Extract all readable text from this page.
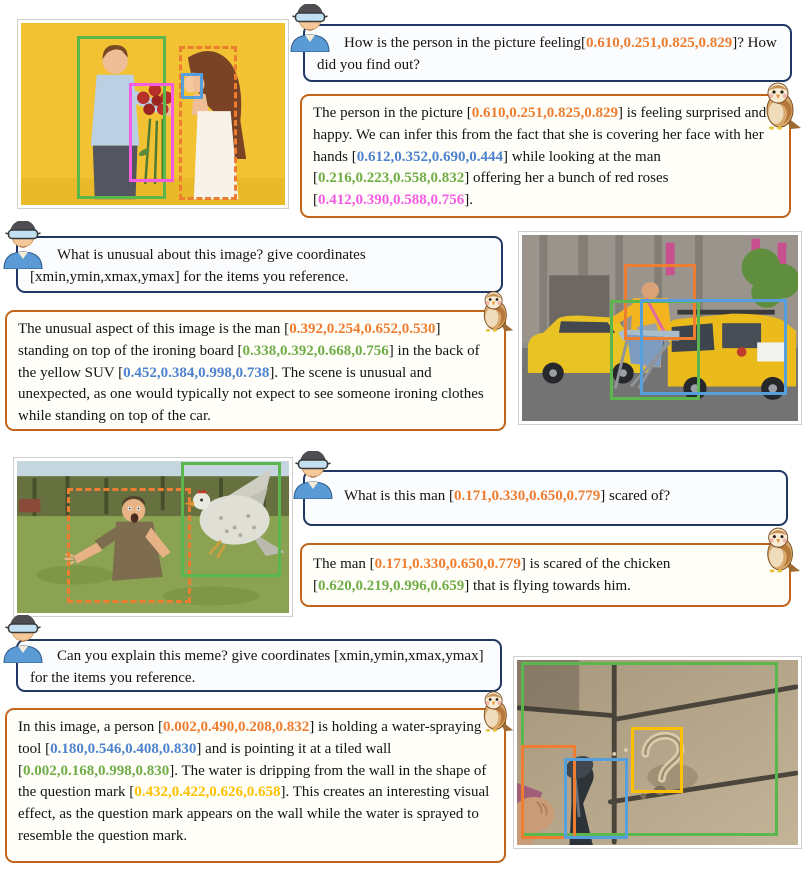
How is the person in the picture feeling[0.610,0.251,0.825,0.829]? How did you find out?
The person in the picture [0.610,0.251,0.825,0.829] is feeling surprised and happy. We can infer this from the fact that she is covering her face with her hands [0.612,0.352,0.690,0.444] while looking at the man [0.216,0.223,0.558,0.832] offering her a bunch of red roses [0.412,0.390,0.588,0.756].
What is unusual about this image? give coordinates [xmin,ymin,xmax,ymax] for the items you reference.
The unusual aspect of this image is the man [0.392,0.254,0.652,0.530] standing on top of the ironing board [0.338,0.392,0.668,0.756] in the back of the yellow SUV [0.452,0.384,0.998,0.738]. The scene is unusual and unexpected, as one would typically not expect to see someone ironing clothes while standing on top of the car.
What is this man [0.171,0.330,0.650,0.779] scared of?
The man [0.171,0.330,0.650,0.779] is scared of the chicken [0.620,0.219,0.996,0.659] that is flying towards him.
Can you explain this meme? give coordinates [xmin,ymin,xmax,ymax] for the items you reference.
In this image, a person [0.002,0.490,0.208,0.832] is holding a water-spraying tool [0.180,0.546,0.408,0.830] and is pointing it at a tiled wall [0.002,0.168,0.998,0.830]. The water is dripping from the wall in the shape of the question mark [0.432,0.422,0.626,0.658]. This creates an interesting visual effect, as the question mark appears on the wall while the water is sprayed to resemble the question mark.
